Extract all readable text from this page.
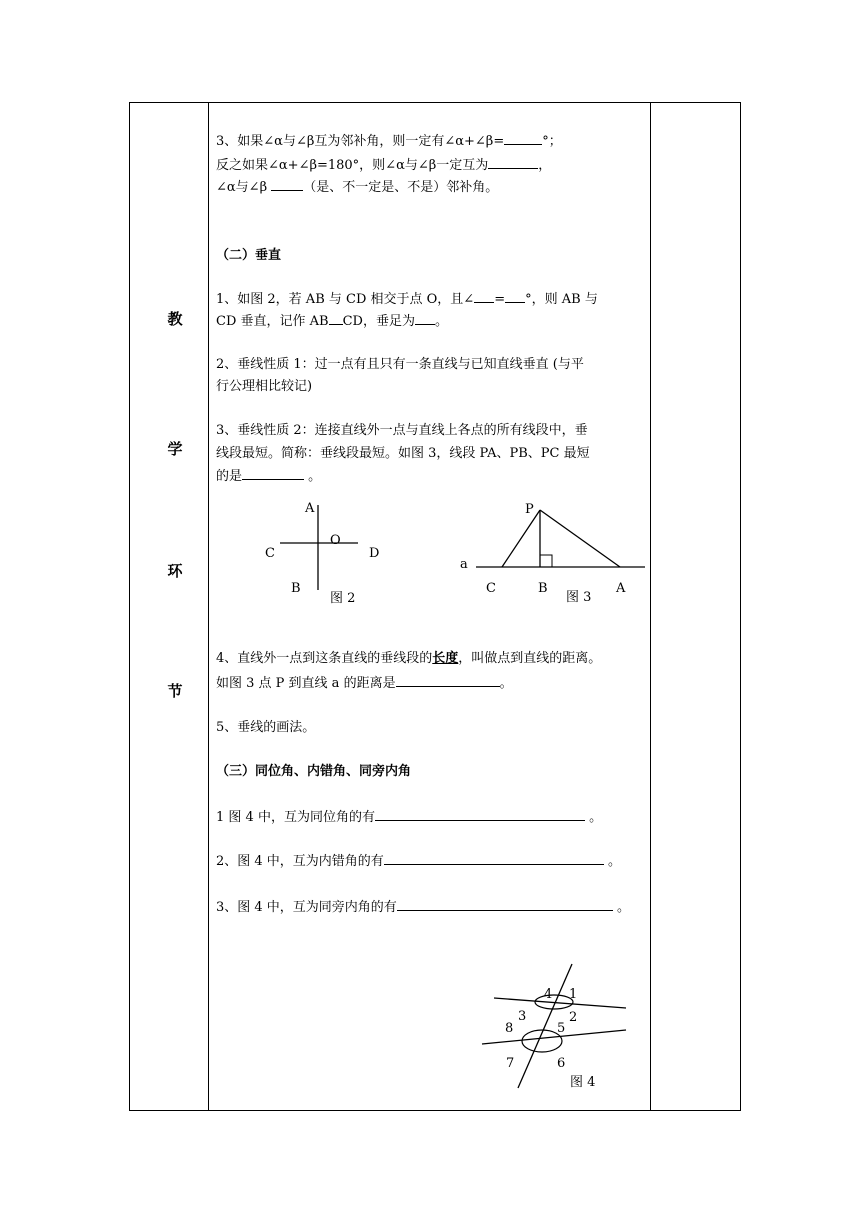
教
学
环
节
3、如果∠α与∠β互为邻补角，则一定有∠α+∠β=	°；
反之如果∠α+∠β=180°，则∠α与∠β一定互为	，
∠α与∠β （是、不一定是、不是）邻补角。
（二）垂直
1、如图 2，若 AB 与 CD 相交于点 O，且∠ = °，则 AB 与
CD 垂直，记作 AB CD，垂足为 。
2、垂线性质 1：过一点有且只有一条直线与已知直线垂直 (与平
行公理相比较记)
3、垂线性质 2：连接直线外一点与直线上各点的所有线段中，垂
线段最短。简称：垂线段最短。如图 3，线段 PA、PB、PC 最短
的是	。
A
O
C	D
B
图 2
P
a
C	B	A
图 3
4、直线外一点到这条直线的垂线段的长度，叫做点到直线的距离。
如图 3 点 P 到直线 a 的距离是	。
5、垂线的画法。
（三）同位角、内错角、同旁内角
1 图 4 中，互为同位角的有	。
2、图 4 中，互为内错角的有	。
3、图 4 中，互为同旁内角的有	。
4 1
3	2
8	5
7	6
图 4
